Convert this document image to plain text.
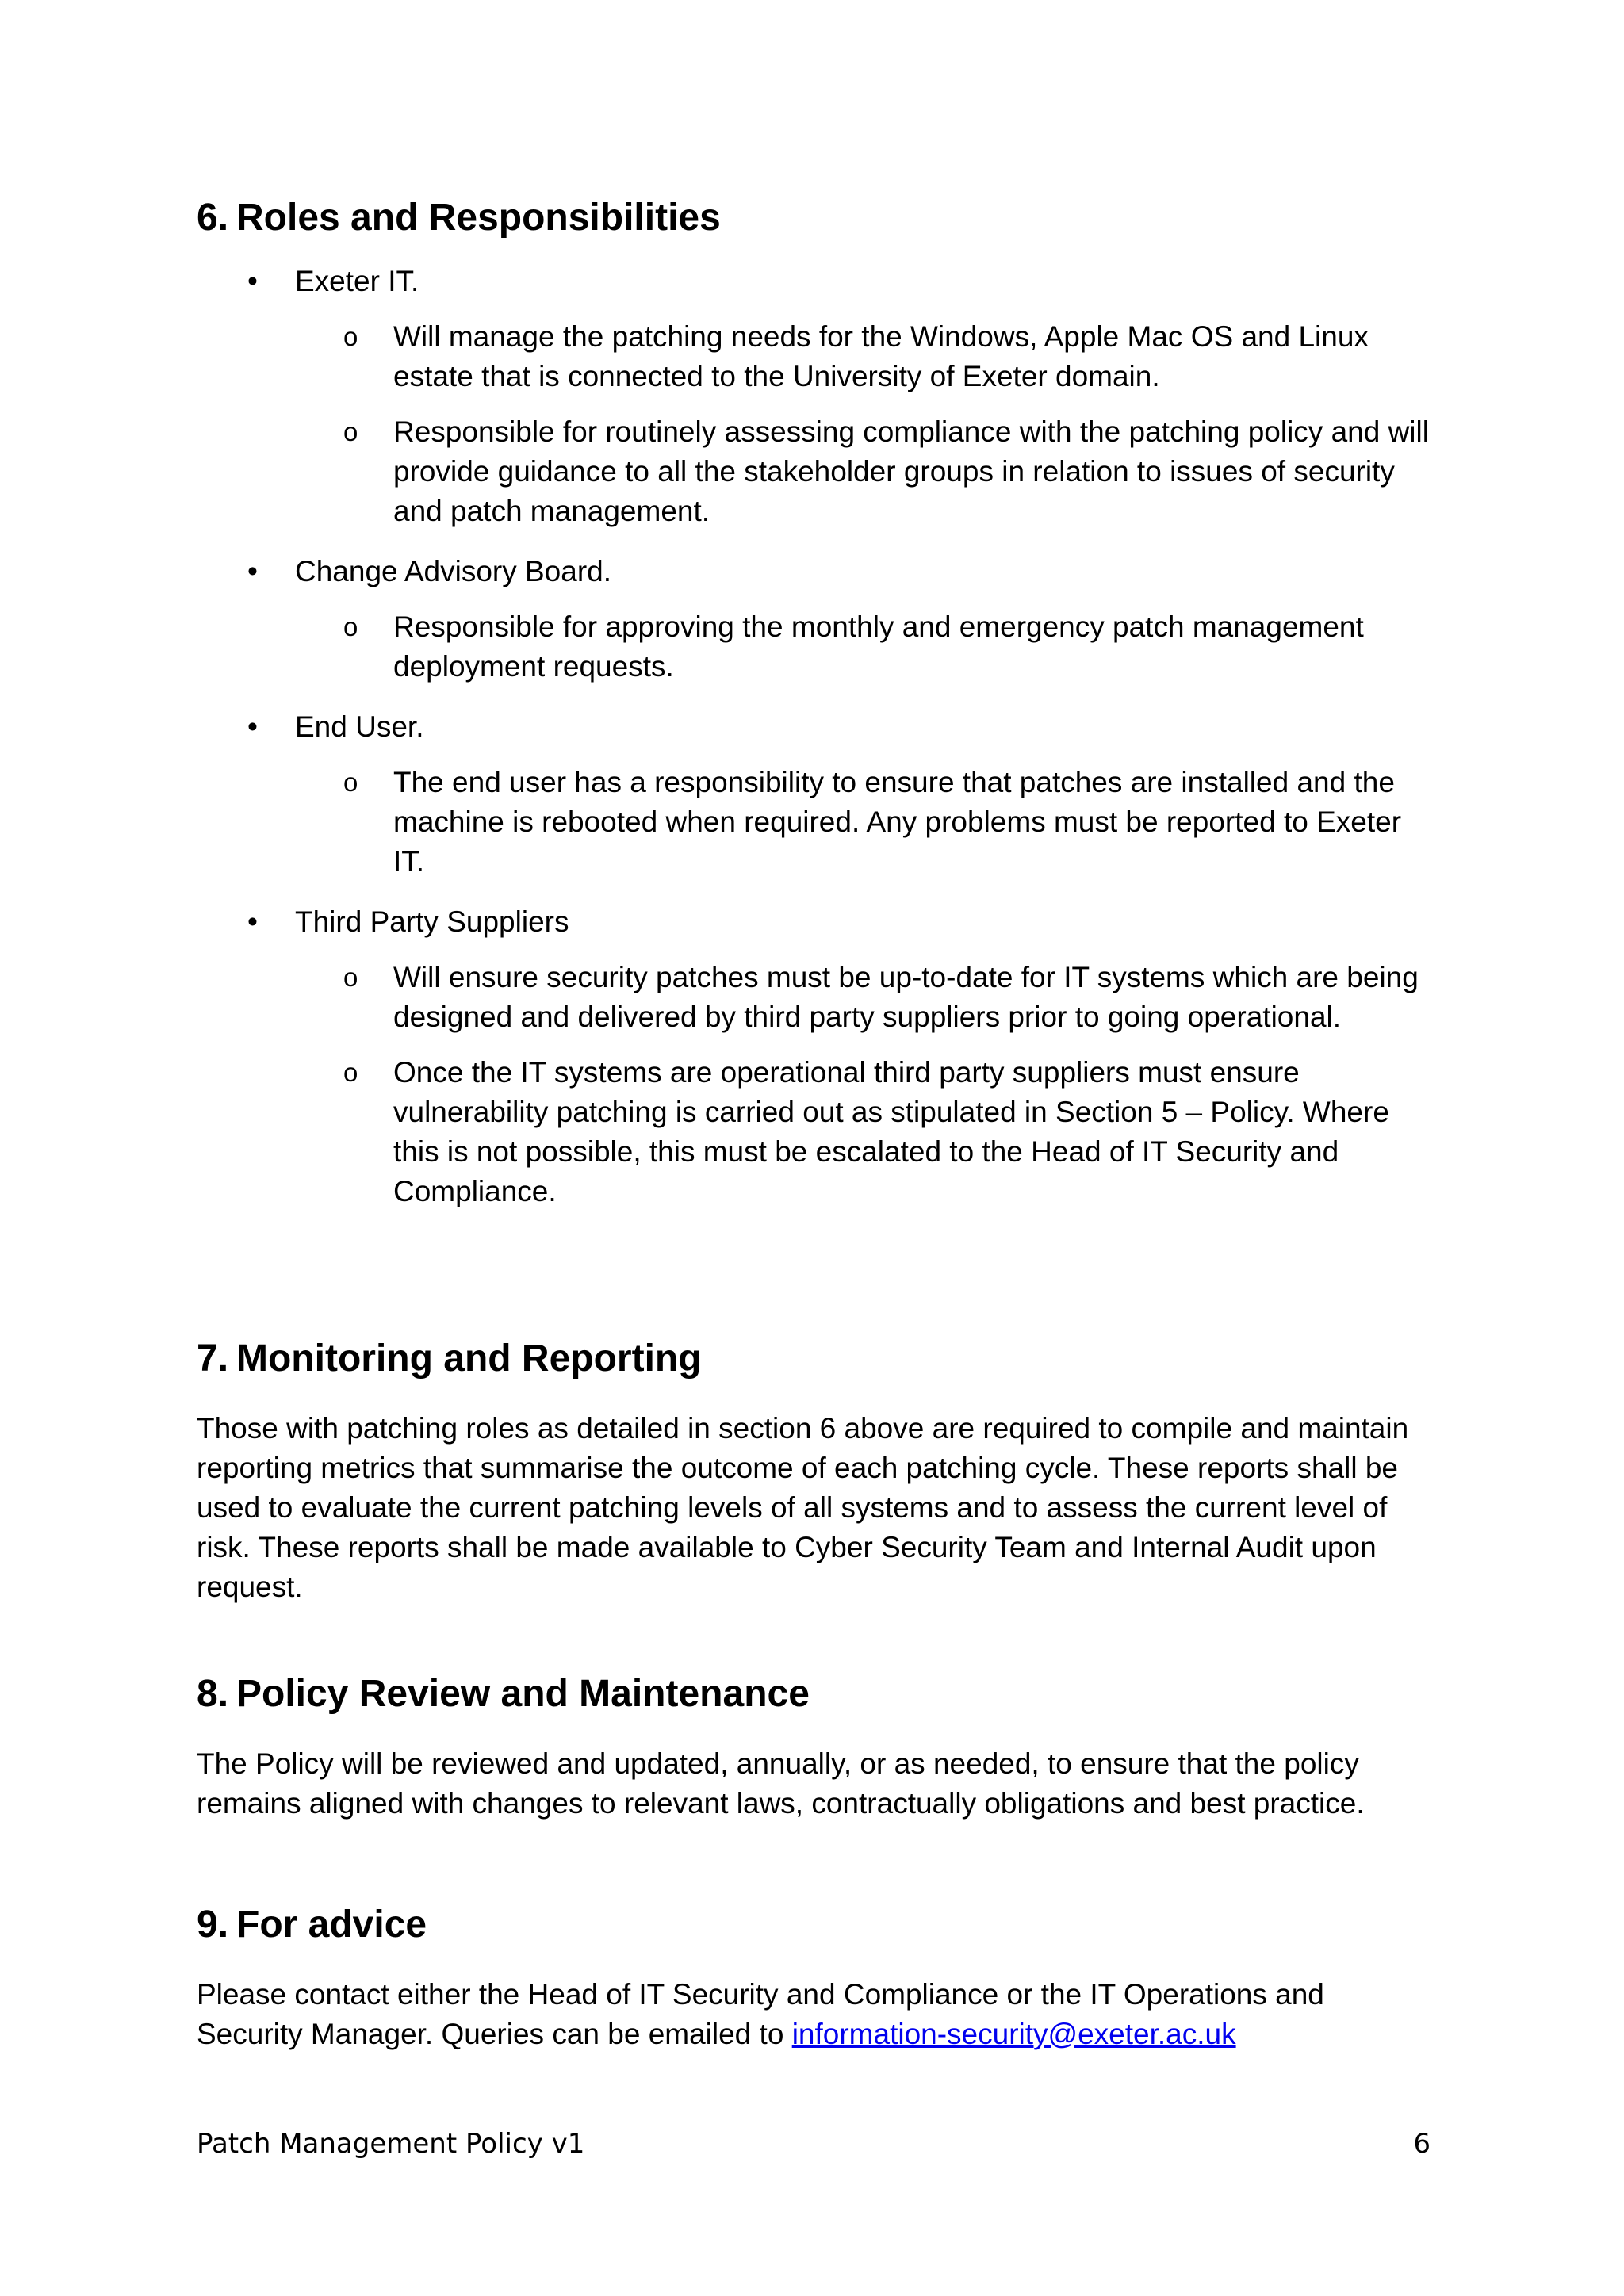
6. Roles and Responsibilities
•	Exeter IT.
o Will manage the patching needs for the Windows, Apple Mac OS and Linux estate that is connected to the University of Exeter domain.
o Responsible for routinely assessing compliance with the patching policy and will provide guidance to all the stakeholder groups in relation to issues of security and patch management.
•	Change Advisory Board.
o Responsible for approving the monthly and emergency patch management deployment requests.
•	End User.
o The end user has a responsibility to ensure that patches are installed and the machine is rebooted when required. Any problems must be reported to Exeter IT.
•	Third Party Suppliers
o Will ensure security patches must be up-to-date for IT systems which are being designed and delivered by third party suppliers prior to going operational.
o Once the IT systems are operational third party suppliers must ensure vulnerability patching is carried out as stipulated in Section 5 – Policy. Where this is not possible, this must be escalated to the Head of IT Security and Compliance.
7. Monitoring and Reporting

Those with patching roles as detailed in section 6 above are required to compile and maintain reporting metrics that summarise the outcome of each patching cycle. These reports shall be used to evaluate the current patching levels of all systems and to assess the current level of risk. These reports shall be made available to Cyber Security Team and Internal Audit upon request.

8. Policy Review and Maintenance

The Policy will be reviewed and updated, annually, or as needed, to ensure that the policy remains aligned with changes to relevant laws, contractually obligations and best practice.

9. For advice

Please contact either the Head of IT Security and Compliance or the IT Operations and Security Manager. Queries can be emailed to information-security@exeter.ac.uk

Patch Management Policy v1	6
